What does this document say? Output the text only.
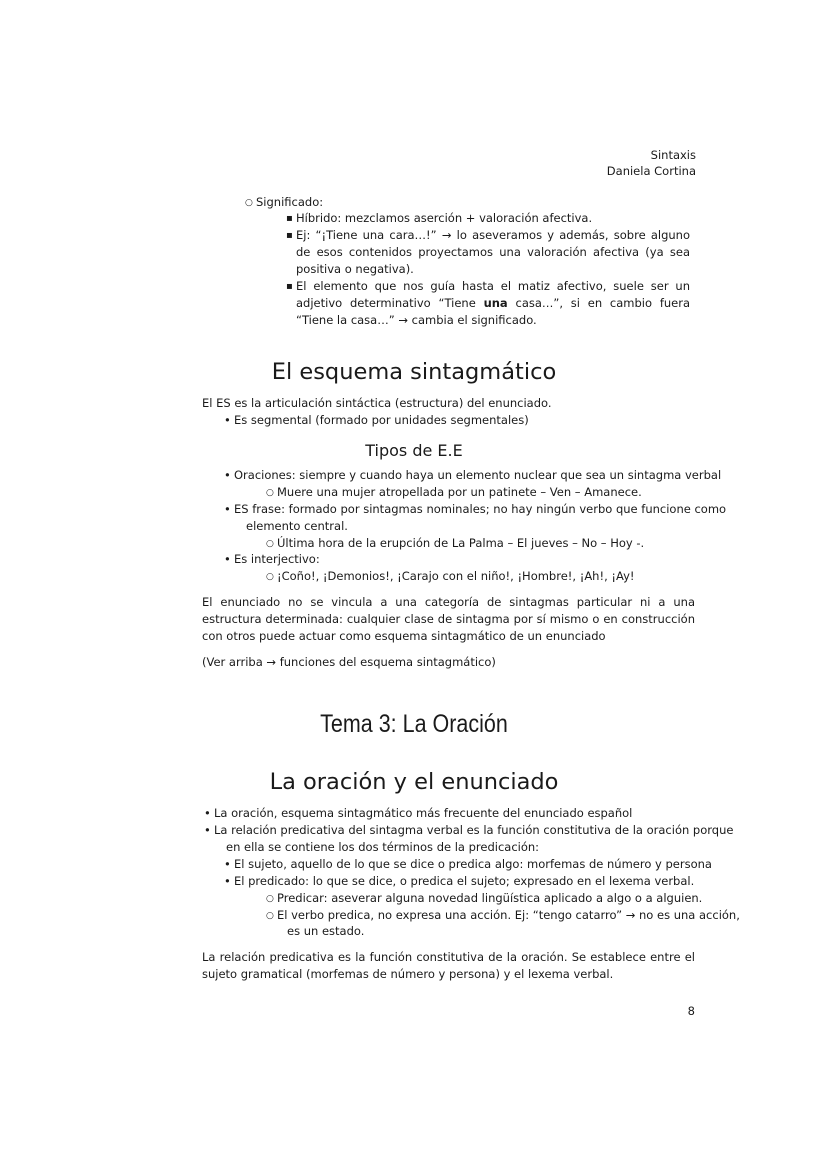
Sintaxis
Daniela Cortina
○ Significado:
▪ Híbrido: mezclamos aserción + valoración afectiva.
▪ Ej: “¡Tiene una cara…!” → lo aseveramos y además, sobre alguno de esos contenidos proyectamos una valoración afectiva (ya sea positiva o negativa).
▪ El elemento que nos guía hasta el matiz afectivo, suele ser un adjetivo determinativo “Tiene una casa…”, si en cambio fuera “Tiene la casa…” → cambia el significado.
El esquema sintagmático
El ES es la articulación sintáctica (estructura) del enunciado.
• Es segmental (formado por unidades segmentales)
Tipos de E.E
• Oraciones: siempre y cuando haya un elemento nuclear que sea un sintagma verbal
○ Muere una mujer atropellada por un patinete – Ven – Amanece.
• ES frase: formado por sintagmas nominales; no hay ningún verbo que funcione como
elemento central.
○ Última hora de la erupción de La Palma – El jueves – No – Hoy -.
• Es interjectivo:
○ ¡Coño!, ¡Demonios!, ¡Carajo con el niño!, ¡Hombre!, ¡Ah!, ¡Ay!
El enunciado no se vincula a una categoría de sintagmas particular ni a una estructura determinada: cualquier clase de sintagma por sí mismo o en construcción con otros puede actuar como esquema sintagmático de un enunciado
(Ver arriba → funciones del esquema sintagmático)
Tema 3: La Oración
La oración y el enunciado
• La oración, esquema sintagmático más frecuente del enunciado español
• La relación predicativa del sintagma verbal es la función constitutiva de la oración porque
en ella se contiene los dos términos de la predicación:
• El sujeto, aquello de lo que se dice o predica algo: morfemas de número y persona
• El predicado: lo que se dice, o predica el sujeto; expresado en el lexema verbal.
○ Predicar: aseverar alguna novedad lingüística aplicado a algo o a alguien.
○ El verbo predica, no expresa una acción. Ej: “tengo catarro” → no es una acción,
es un estado.
La relación predicativa es la función constitutiva de la oración. Se establece entre el sujeto gramatical (morfemas de número y persona) y el lexema verbal.
8
